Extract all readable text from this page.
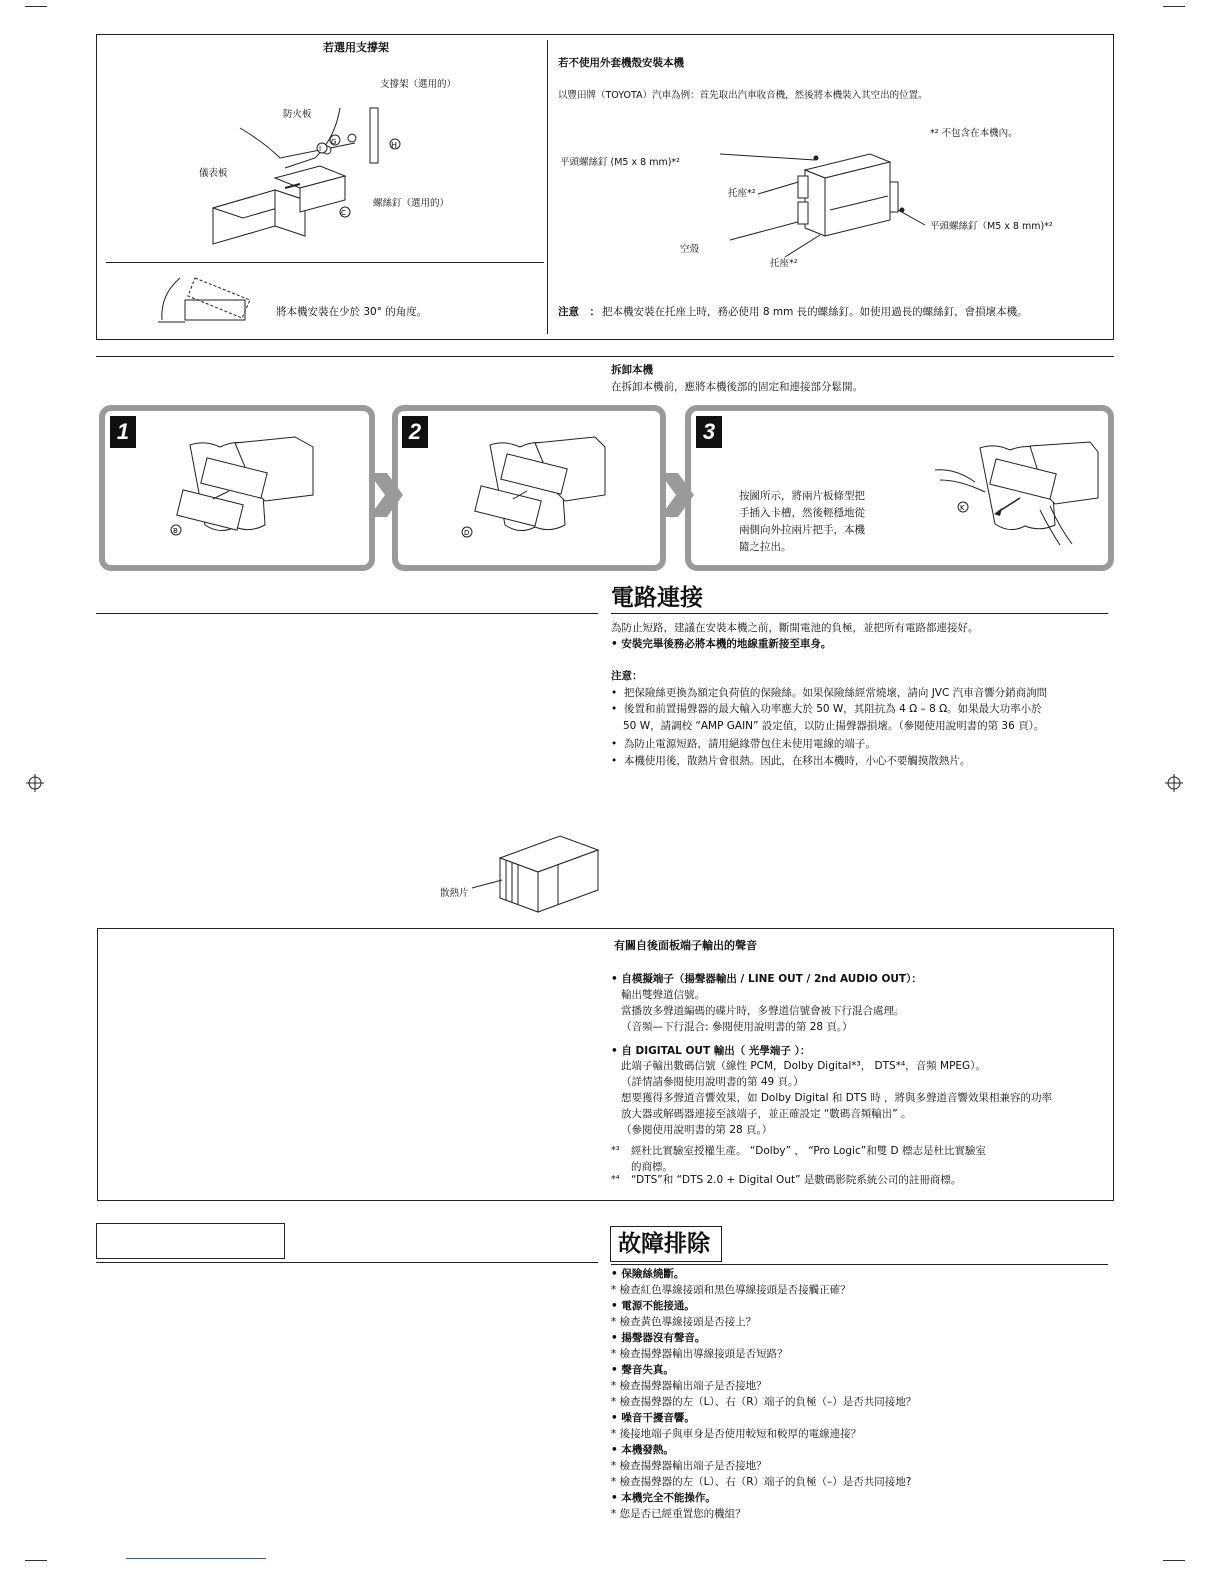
若選用支撐架
支撐架（選用的）
防火板
儀表板
螺絲釘（選用的）
H
I
G
C
將本機安裝在少於 30° 的角度。
若不使用外套機殼安裝本機
以豐田牌（TOYOTA）汽車為例：首先取出汽車收音機，然後將本機裝入其空出的位置。
*² 不包含在本機內。
平頭螺絲釘 (M5 x 8 mm)*²
托座*²
平頭螺絲釘（M5 x 8 mm)*²
空殼
托座*²
注意　： 把本機安裝在托座上時，務必使用 8 mm 長的螺絲釘。如使用過長的螺絲釘，會損壞本機。
拆卸本機
在拆卸本機前，應將本機後部的固定和連接部分鬆開。
1	2	3
B	D
K
按圖所示，將兩片板條型把
手插入卡槽，然後輕穩地從
兩側向外拉兩片把手，本機
隨之拉出。
電路連接
為防止短路，建議在安裝本機之前，斷開電池的負極，並把所有電路都連接好。
• 安裝完畢後務必將本機的地線重新接至車身。
注意：
•  把保險絲更換為額定負荷值的保險絲。如果保險絲經常燒壞，請向 JVC 汽車音響分銷商詢問
•  後置和前置揚聲器的最大輸入功率應大於 50 W，其阻抗為 4 Ω – 8 Ω。如果最大功率小於
50 W，請調校 “AMP GAIN” 設定值，以防止揚聲器損壞。（參閱使用說明書的第 36 頁）。
•  為防止電源短路，請用絕緣帶包住未使用電線的端子。
•  本機使用後，散熱片會很熱。因此，在移出本機時，小心不要觸摸散熱片。
散熱片
有關自後面板端子輸出的聲音
• 自模擬端子（揚聲器輸出 / LINE OUT / 2nd AUDIO OUT）：
輸出雙聲道信號。
當播放多聲道編碼的碟片時，多聲道信號會被下行混合處理。
（音頻—下行混合: 參閱使用說明書的第 28 頁。）
• 自 DIGITAL OUT 輸出（ 光學端子 ）：
此端子輸出數碼信號（線性 PCM，Dolby Digital*³， DTS*⁴，音頻 MPEG）。
（詳情請參閱使用說明書的第 49 頁。）
想要獲得多聲道音響效果，如 Dolby Digital 和 DTS 時 ，將與多聲道音響效果相兼容的功率
放大器或解碼器連接至該端子，並正確設定 “數碼音頻輸出” 。
（參閱使用說明書的第 28 頁。）
*³ 經杜比實驗室授權生產。 “Dolby” ， “Pro Logic”和雙 D 標志是杜比實驗室
的商標。
*⁴ “DTS”和 “DTS 2.0 + Digital Out” 是數碼影院系統公司的註冊商標。
故障排除
• 保險絲燒斷。
* 檢查紅色導線接頭和黑色導線接頭是否接觸正確？
• 電源不能接通。
* 檢查黃色導線接頭是否接上？
• 揚聲器沒有聲音。
* 檢查揚聲器輸出導線接頭是否短路？
• 聲音失真。
* 檢查揚聲器輸出端子是否接地？
* 檢查揚聲器的左（L）、右（R）端子的負極（–）是否共同接地？
• 噪音干擾音響。
* 後接地端子與車身是否使用較短和較厚的電線連接？
• 本機發熱。
* 檢查揚聲器輸出端子是否接地？
* 檢查揚聲器的左（L）、右（R）端子的負極（–）是否共同接地?
• 本機完全不能操作。
* 您是否已經重置您的機組？
